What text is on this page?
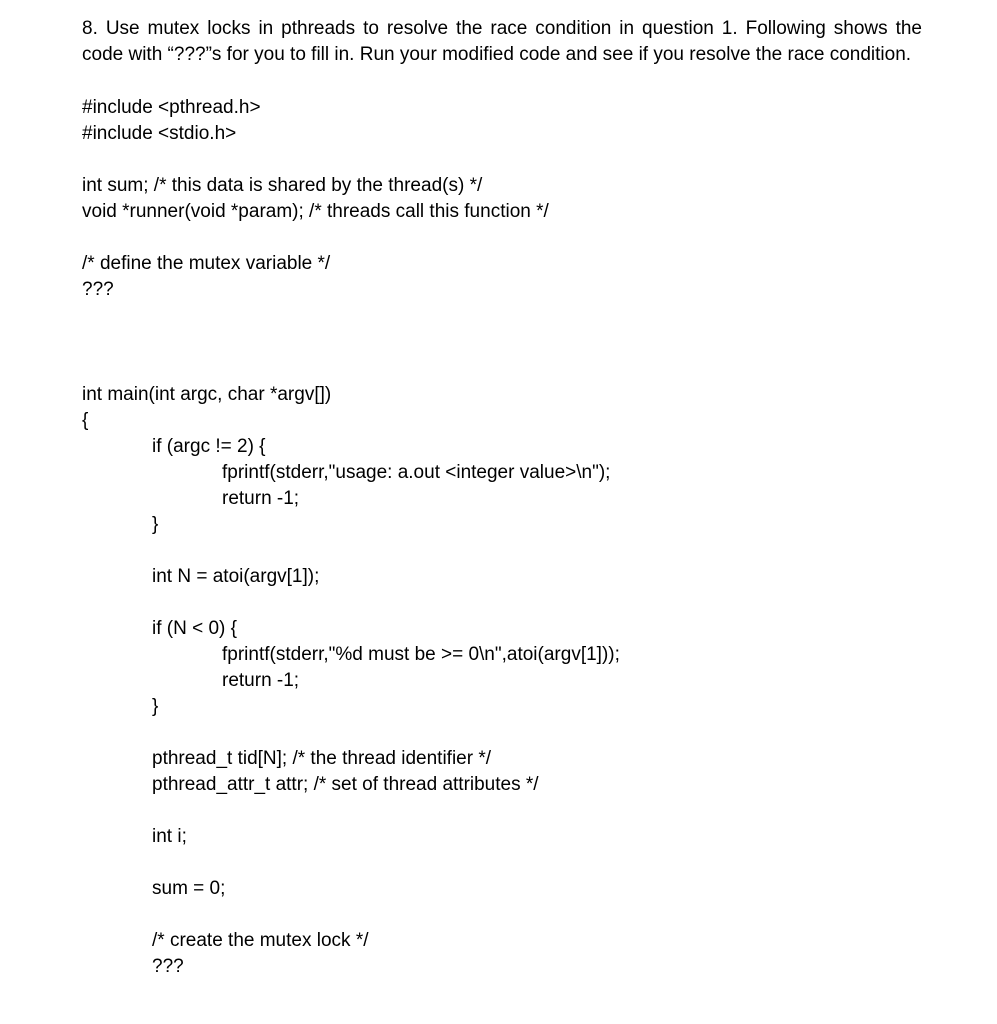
8. Use mutex locks in pthreads to resolve the race condition in question 1. Following shows the code with “???”s for you to fill in. Run your modified code and see if you resolve the race condition.

#include <pthread.h>
#include <stdio.h>
int sum; /* this data is shared by the thread(s) */
void *runner(void *param); /* threads call this function */
/* define the mutex variable */
???
int main(int argc, char *argv[])
{
if (argc != 2) {
fprintf(stderr,"usage: a.out <integer value>\n");
return -1;
}
int N = atoi(argv[1]);
if (N < 0) {
fprintf(stderr,"%d must be >= 0\n",atoi(argv[1]));
return -1;
}
pthread_t tid[N]; /* the thread identifier */
pthread_attr_t attr; /* set of thread attributes */
int i;
sum = 0;
/* create the mutex lock */
???
